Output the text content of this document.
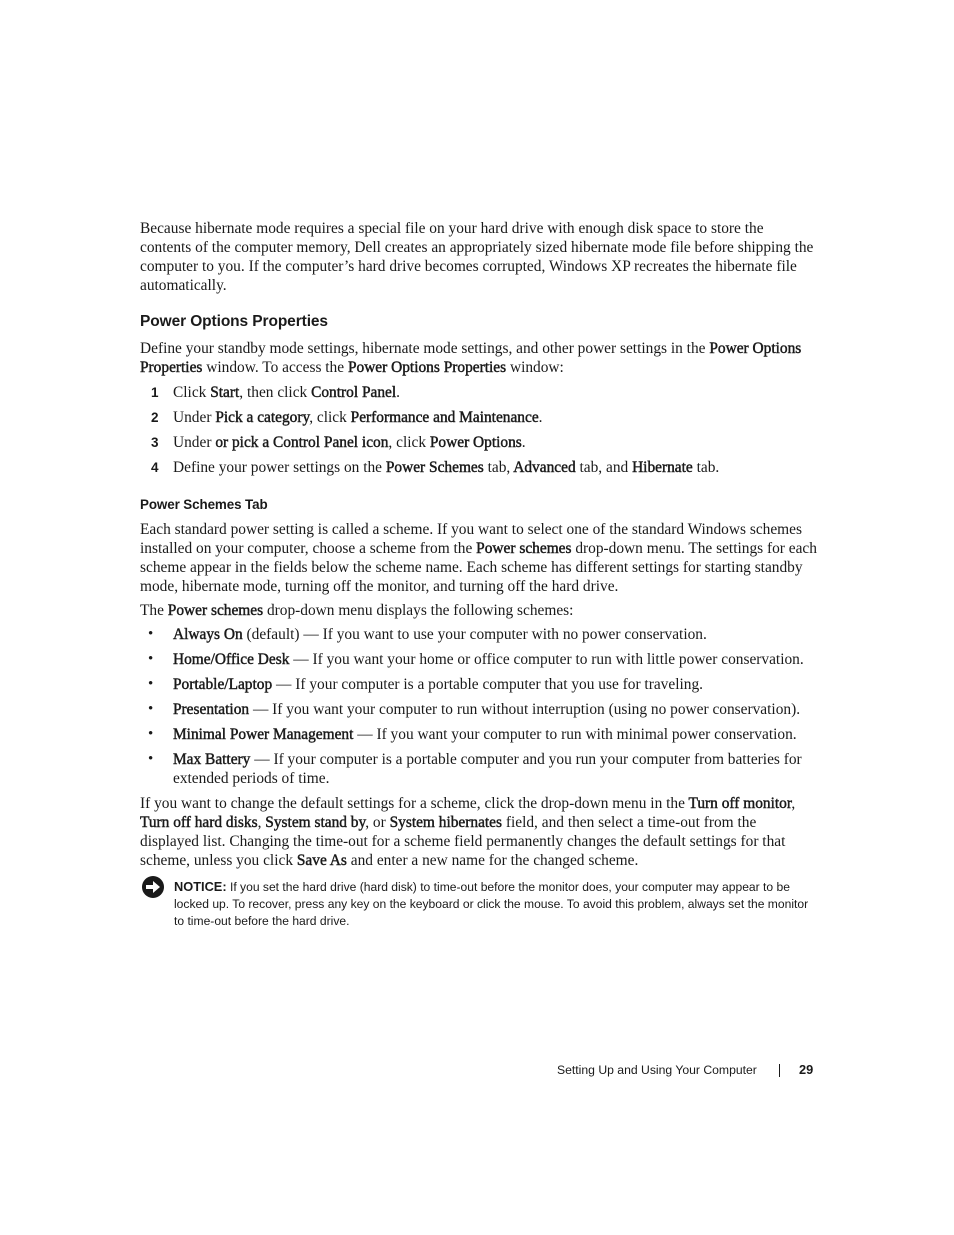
Because hibernate mode requires a special file on your hard drive with enough disk space to store the contents of the computer memory, Dell creates an appropriately sized hibernate mode file before shipping the computer to you. If the computer’s hard drive becomes corrupted, Windows XP recreates the hibernate file automatically.

Power Options Properties

Define your standby mode settings, hibernate mode settings, and other power settings in the Power Options Properties window. To access the Power Options Properties window:

1 Click Start, then click Control Panel.
2 Under Pick a category, click Performance and Maintenance.
3 Under or pick a Control Panel icon, click Power Options.
4 Define your power settings on the Power Schemes tab, Advanced tab, and Hibernate tab.
Power Schemes Tab

Each standard power setting is called a scheme. If you want to select one of the standard Windows schemes installed on your computer, choose a scheme from the Power schemes drop-down menu. The settings for each scheme appear in the fields below the scheme name. Each scheme has different settings for starting standby mode, hibernate mode, turning off the monitor, and turning off the hard drive.

The Power schemes drop-down menu displays the following schemes:

• Always On (default) — If you want to use your computer with no power conservation.
• Home/Office Desk — If you want your home or office computer to run with little power conservation.
• Portable/Laptop — If your computer is a portable computer that you use for traveling.
• Presentation — If you want your computer to run without interruption (using no power conservation).
• Minimal Power Management — If you want your computer to run with minimal power conservation.
• Max Battery — If your computer is a portable computer and you run your computer from batteries for extended periods of time.

If you want to change the default settings for a scheme, click the drop-down menu in the Turn off monitor, Turn off hard disks, System stand by, or System hibernates field, and then select a time-out from the displayed list. Changing the time-out for a scheme field permanently changes the default settings for that scheme, unless you click Save As and enter a new name for the changed scheme.

NOTICE: If you set the hard drive (hard disk) to time-out before the monitor does, your computer may appear to be locked up. To recover, press any key on the keyboard or click the mouse. To avoid this problem, always set the monitor to time-out before the hard drive.
Setting Up and Using Your Computer	29
